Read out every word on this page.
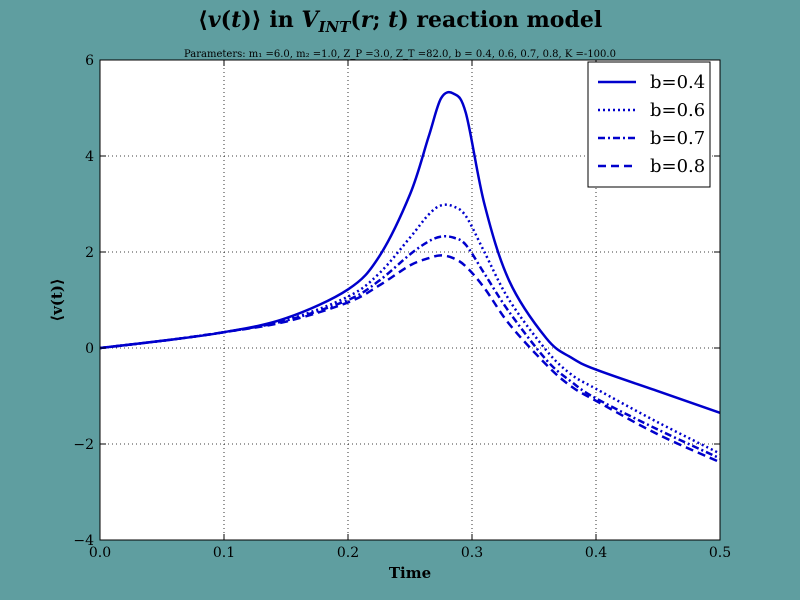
⟨v(t)⟩ in $V_{INT}(r$; t) reaction model
Parameters: m₁ =6.0, m₂ =1.0, Z_P =3.0, Z_T =82.0, b = 0.4, 0.6, 0.7, 0.8, K =-100.0
0.0	0.1	0.2	0.3	0.4	0.5
−4
−2
0
2
4
6
Time
⟨v(t)⟩
b=0.4
b=0.6
b=0.7
b=0.8
